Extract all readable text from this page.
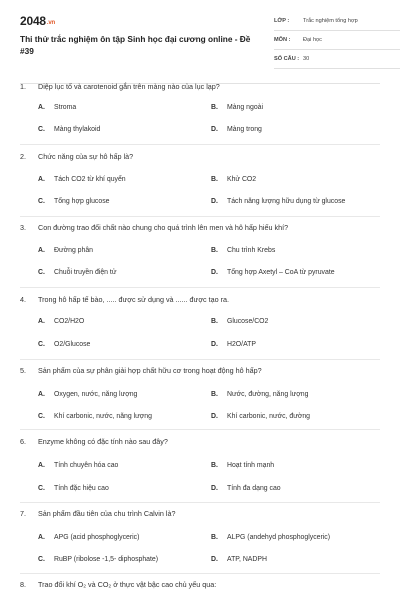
2048.vn
Thi thử trắc nghiệm ôn tập Sinh học đại cương online - Đề #39
LỚP :	Trắc nghiệm tổng hợp
MÔN :	Đại học
SỐ CÂU : 30
1. Diệp lục tố và carotenoid gắn trên màng nào của lục lạp?
A. Stroma	B. Màng ngoài
C. Màng thylakoid	D. Màng trong
2. Chức năng của sự hô hấp là?
A. Tách CO2 từ khí quyển	B. Khử CO2
C. Tổng hợp glucose	D. Tách năng lượng hữu dụng từ glucose
3. Con đường trao đổi chất nào chung cho quá trình lên men và hô hấp hiếu khí?
A. Đường phân	B. Chu trình Krebs
C. Chuỗi truyền điện tử	D. Tổng hợp Axetyl – CoA từ pyruvate
4. Trong hô hấp tế bào, ..... được sử dụng và ...... được tạo ra.
A. CO2/H2O	B. Glucose/CO2
C. O2/Glucose	D. H2O/ATP
5. Sản phẩm của sự phân giải hợp chất hữu cơ trong hoạt động hô hấp?
A. Oxygen, nước, năng lượng	B. Nước, đường, năng lượng
C. Khí carbonic, nước, năng lượng	D. Khí carbonic, nước, đường
6. Enzyme không có đặc tính nào sau đây?
A. Tính chuyên hóa cao	B. Hoạt tính mạnh
C. Tính đặc hiệu cao	D. Tính đa dạng cao
7. Sản phẩm đầu tiên của chu trình Calvin là?
A. APG (acid phosphoglyceric)	B. ALPG (andehyd phosphoglyceric)
C. RuBP (ribolose -1,5- diphosphate)	D. ATP, NADPH
8. Trao đổi khí O₂ và CO₂ ở thực vật bậc cao chủ yếu qua:
